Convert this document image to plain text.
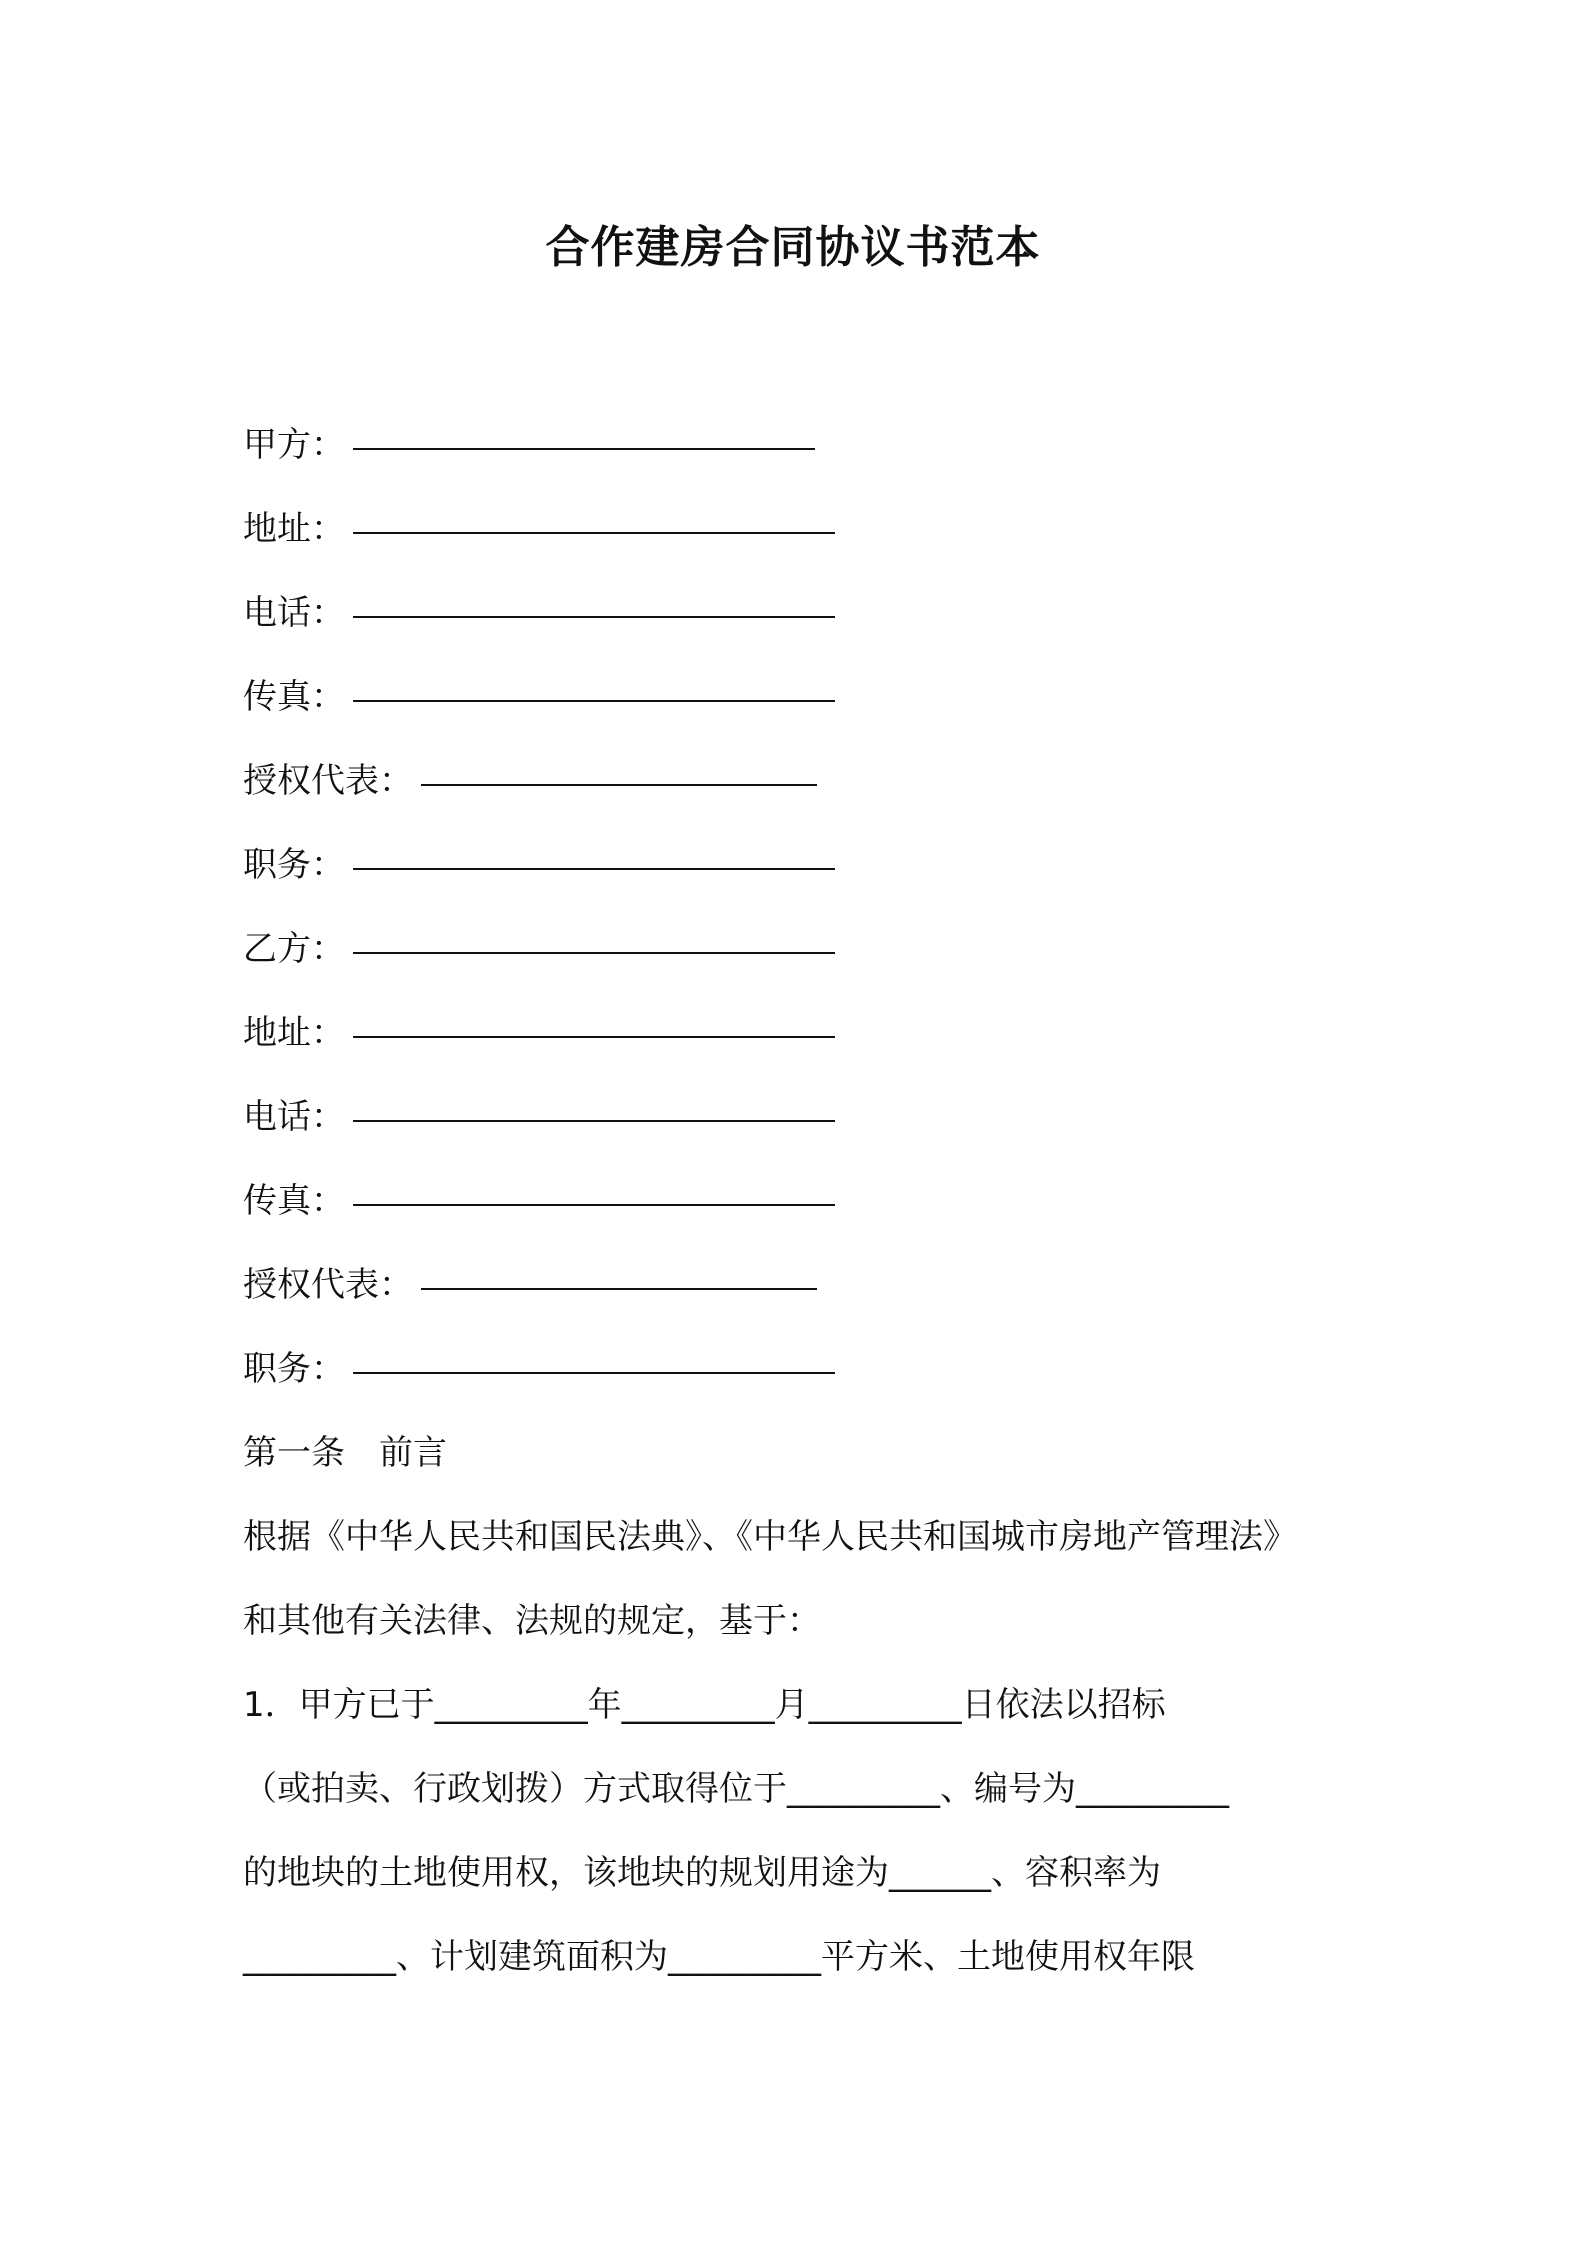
合作建房合同协议书范本
甲方：
地址：
电话：
传真：
授权代表：
职务：
乙方：
地址：
电话：
传真：
授权代表：
职务：
第一条　前言
根据《中华人民共和国民法典》、《中华人民共和国城市房地产管理法》
和其他有关法律、法规的规定，基于：
1．甲方已于_________年_________月_________日依法以招标
（或拍卖、行政划拨）方式取得位于_________、编号为_________
的地块的土地使用权，该地块的规划用途为______、容积率为
_________、计划建筑面积为_________平方米、土地使用权年限
